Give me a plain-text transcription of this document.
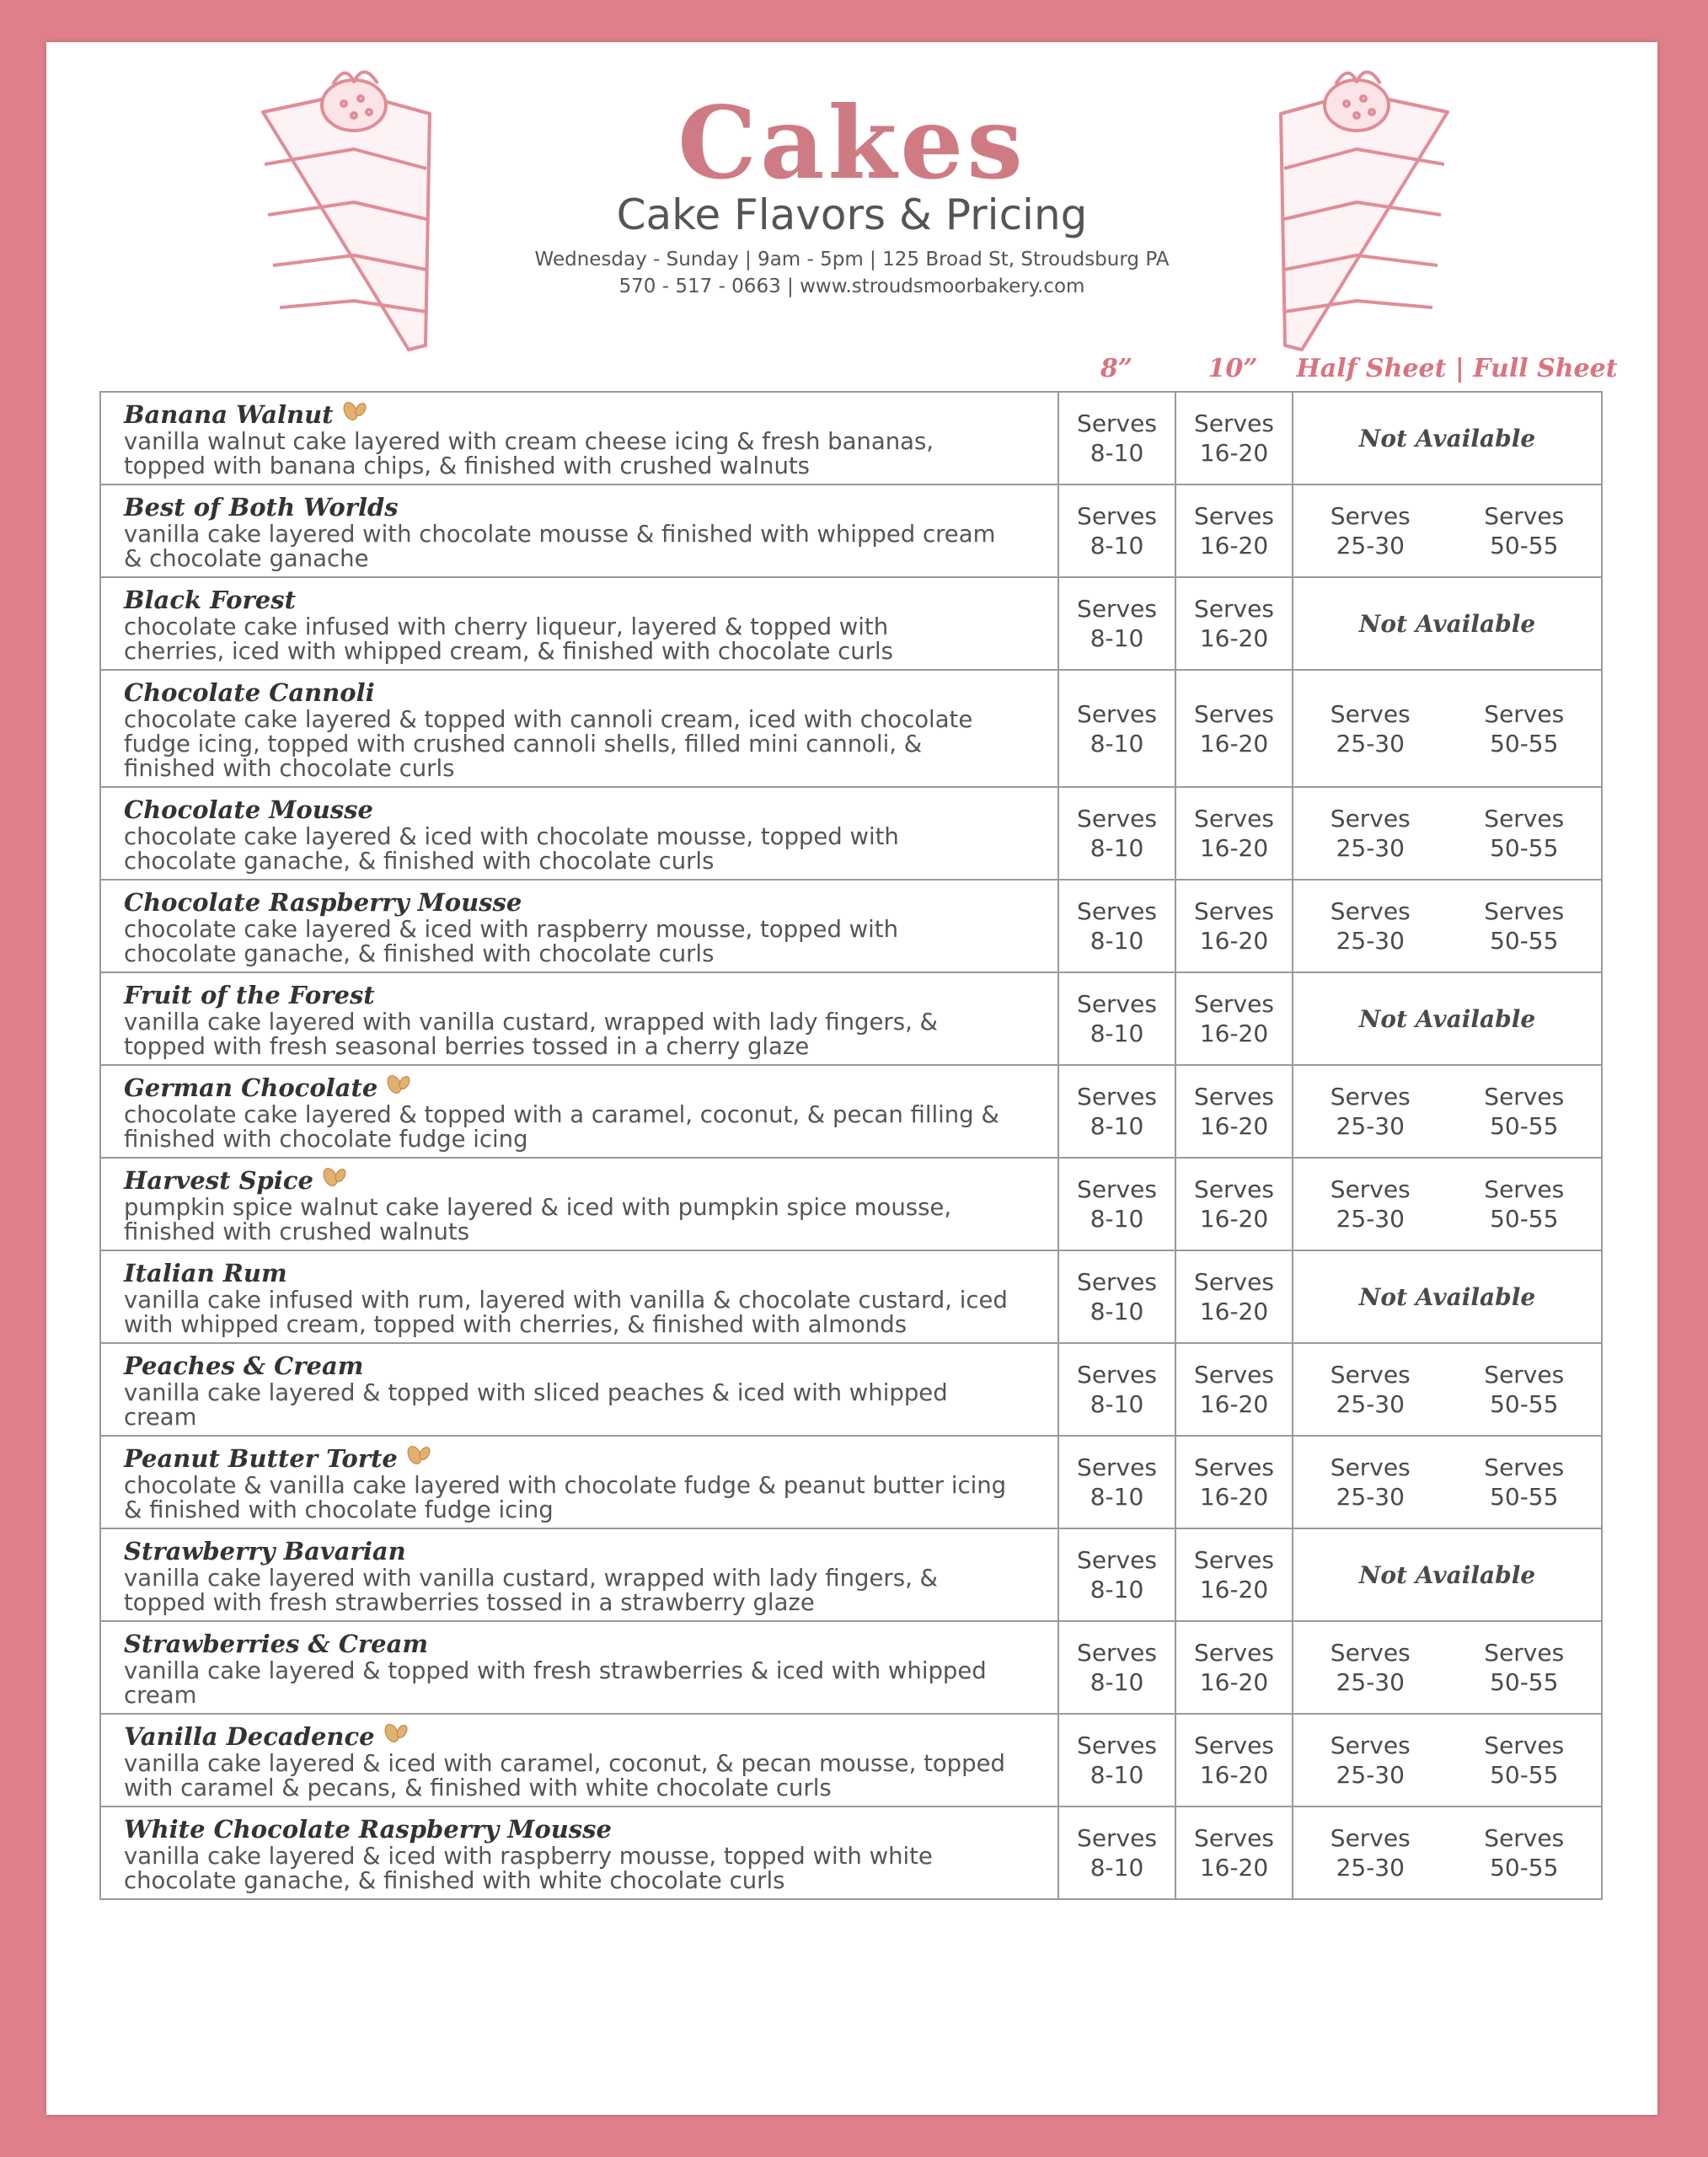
Cakes
Cake Flavors & Pricing
Wednesday - Sunday | 9am - 5pm | 125 Broad St, Stroudsburg PA
570 - 517 - 0663 | www.stroudsmoorbakery.com
8”	10”	Half Sheet | Full Sheet
Banana Walnut
vanilla walnut cake layered with cream cheese icing & fresh bananas,
topped with banana chips, & finished with crushed walnuts
Serves
8-10
Serves
16-20
Not Available
Best of Both Worlds
vanilla cake layered with chocolate mousse & finished with whipped cream
& chocolate ganache
Serves
8-10
Serves
16-20
Serves
25-30
Serves
50-55
Black Forest
chocolate cake infused with cherry liqueur, layered & topped with
cherries, iced with whipped cream, & finished with chocolate curls
Serves
8-10
Serves
16-20
Not Available
Chocolate Cannoli
chocolate cake layered & topped with cannoli cream, iced with chocolate
fudge icing, topped with crushed cannoli shells, filled mini cannoli, &
finished with chocolate curls
Serves
8-10
Serves
16-20
Serves
25-30
Serves
50-55
Chocolate Mousse
chocolate cake layered & iced with chocolate mousse, topped with
chocolate ganache, & finished with chocolate curls
Serves
8-10
Serves
16-20
Serves
25-30
Serves
50-55
Chocolate Raspberry Mousse
chocolate cake layered & iced with raspberry mousse, topped with
chocolate ganache, & finished with chocolate curls
Serves
8-10
Serves
16-20
Serves
25-30
Serves
50-55
Fruit of the Forest
vanilla cake layered with vanilla custard, wrapped with lady fingers, &
topped with fresh seasonal berries tossed in a cherry glaze
Serves
8-10
Serves
16-20
Not Available
German Chocolate
chocolate cake layered & topped with a caramel, coconut, & pecan filling &
finished with chocolate fudge icing
Serves
8-10
Serves
16-20
Serves
25-30
Serves
50-55
Harvest Spice
pumpkin spice walnut cake layered & iced with pumpkin spice mousse,
finished with crushed walnuts
Serves
8-10
Serves
16-20
Serves
25-30
Serves
50-55
Italian Rum
vanilla cake infused with rum, layered with vanilla & chocolate custard, iced
with whipped cream, topped with cherries, & finished with almonds
Serves
8-10
Serves
16-20
Not Available
Peaches & Cream
vanilla cake layered & topped with sliced peaches & iced with whipped
cream
Serves
8-10
Serves
16-20
Serves
25-30
Serves
50-55
Peanut Butter Torte
chocolate & vanilla cake layered with chocolate fudge & peanut butter icing
& finished with chocolate fudge icing
Serves
8-10
Serves
16-20
Serves
25-30
Serves
50-55
Strawberry Bavarian
vanilla cake layered with vanilla custard, wrapped with lady fingers, &
topped with fresh strawberries tossed in a strawberry glaze
Serves
8-10
Serves
16-20
Not Available
Strawberries & Cream
vanilla cake layered & topped with fresh strawberries & iced with whipped
cream
Serves
8-10
Serves
16-20
Serves
25-30
Serves
50-55
Vanilla Decadence
vanilla cake layered & iced with caramel, coconut, & pecan mousse, topped
with caramel & pecans, & finished with white chocolate curls
Serves
8-10
Serves
16-20
Serves
25-30
Serves
50-55
White Chocolate Raspberry Mousse
vanilla cake layered & iced with raspberry mousse, topped with white
chocolate ganache, & finished with white chocolate curls
Serves
8-10
Serves
16-20
Serves
25-30
Serves
50-55
